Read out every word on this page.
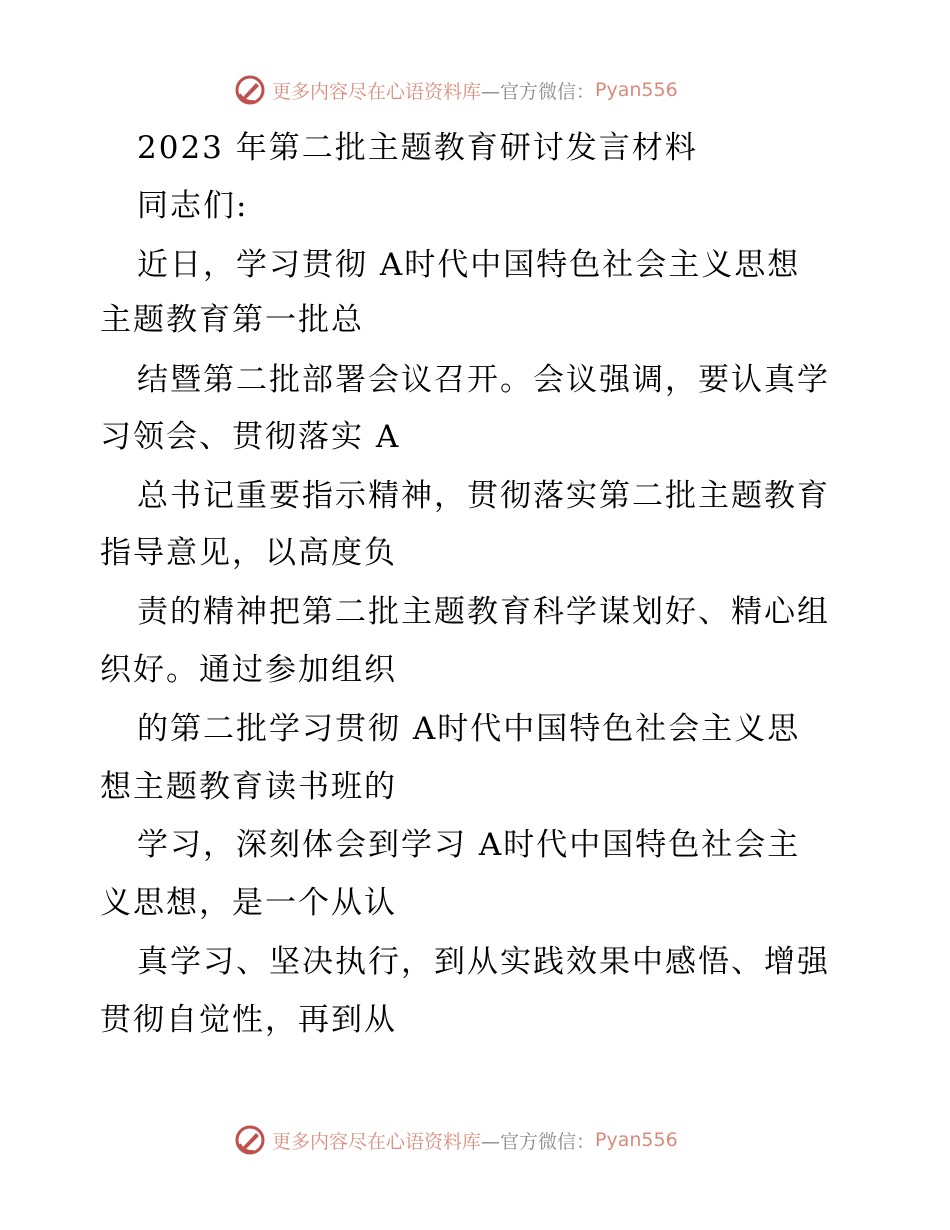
更多内容尽在心语资料库 —官方微信： Pyan556
2023 年第二批主题教育研讨发言材料
同志们:
近日，学习贯彻 A时代中国特色社会主义思想
主题教育第一批总
结暨第二批部署会议召开。会议强调，要认真学
习领会、贯彻落实 A
总书记重要指示精神，贯彻落实第二批主题教育
指导意见，以高度负
责的精神把第二批主题教育科学谋划好、精心组
织好。通过参加组织
的第二批学习贯彻 A时代中国特色社会主义思
想主题教育读书班的
学习，深刻体会到学习 A时代中国特色社会主
义思想，是一个从认
真学习、坚决执行，到从实践效果中感悟、增强
贯彻自觉性，再到从
更多内容尽在心语资料库 —官方微信： Pyan556
